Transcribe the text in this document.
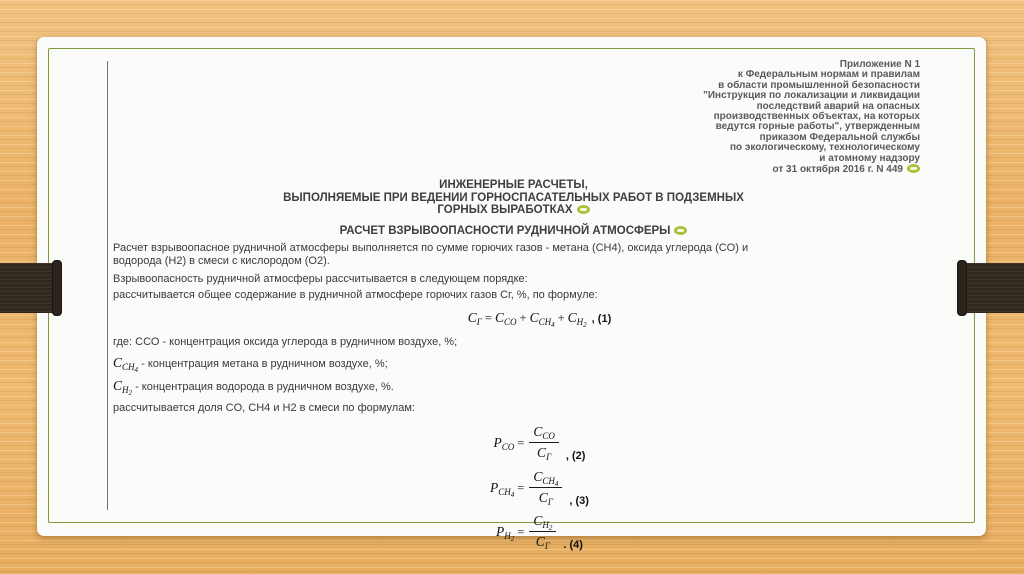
Приложение N 1
к Федеральным нормам и правилам
в области промышленной безопасности
"Инструкция по локализации и ликвидации
последствий аварий на опасных
производственных объектах, на которых
ведутся горные работы", утвержденным
приказом Федеральной службы
по экологическому, технологическому
и атомному надзору
от 31 октября 2016 г. N 449
ИНЖЕНЕРНЫЕ РАСЧЕТЫ,
ВЫПОЛНЯЕМЫЕ ПРИ ВЕДЕНИИ ГОРНОСПАСАТЕЛЬНЫХ РАБОТ В ПОДЗЕМНЫХ
ГОРНЫХ ВЫРАБОТКАХ
РАСЧЕТ ВЗРЫВООПАСНОСТИ РУДНИЧНОЙ АТМОСФЕРЫ

Расчет взрывоопасное рудничной атмосферы выполняется по сумме горючих газов - метана (CH4), оксида углерода (CO) и
водорода (H2) в смеси с кислородом (O2).

Взрывоопасность рудничной атмосферы рассчитывается в следующем порядке:

рассчитывается общее содержание в рудничной атмосфере горючих газов Cг, %, по формуле:

$C_Г = C_{CO} + C_{CH_4} + C_{H_2}$ , (1)

где: ССО - концентрация оксида углерода в рудничном воздухе, %;

$C_{CH_4}$ - концентрация метана в рудничном воздухе, %;

$C_{H_2}$ - концентрация водорода в рудничном воздухе, %.

рассчитывается доля CO, CH4 и H2 в смеси по формулам:

$P_{CO} = \frac{C_{CO}}{C_Г}$ , (2)
$P_{CH_4} = \frac{C_{CH_4}}{C_Г}$ , (3)
$P_{H_2} = \frac{C_{H_2}}{C_Г}$ . (4)
